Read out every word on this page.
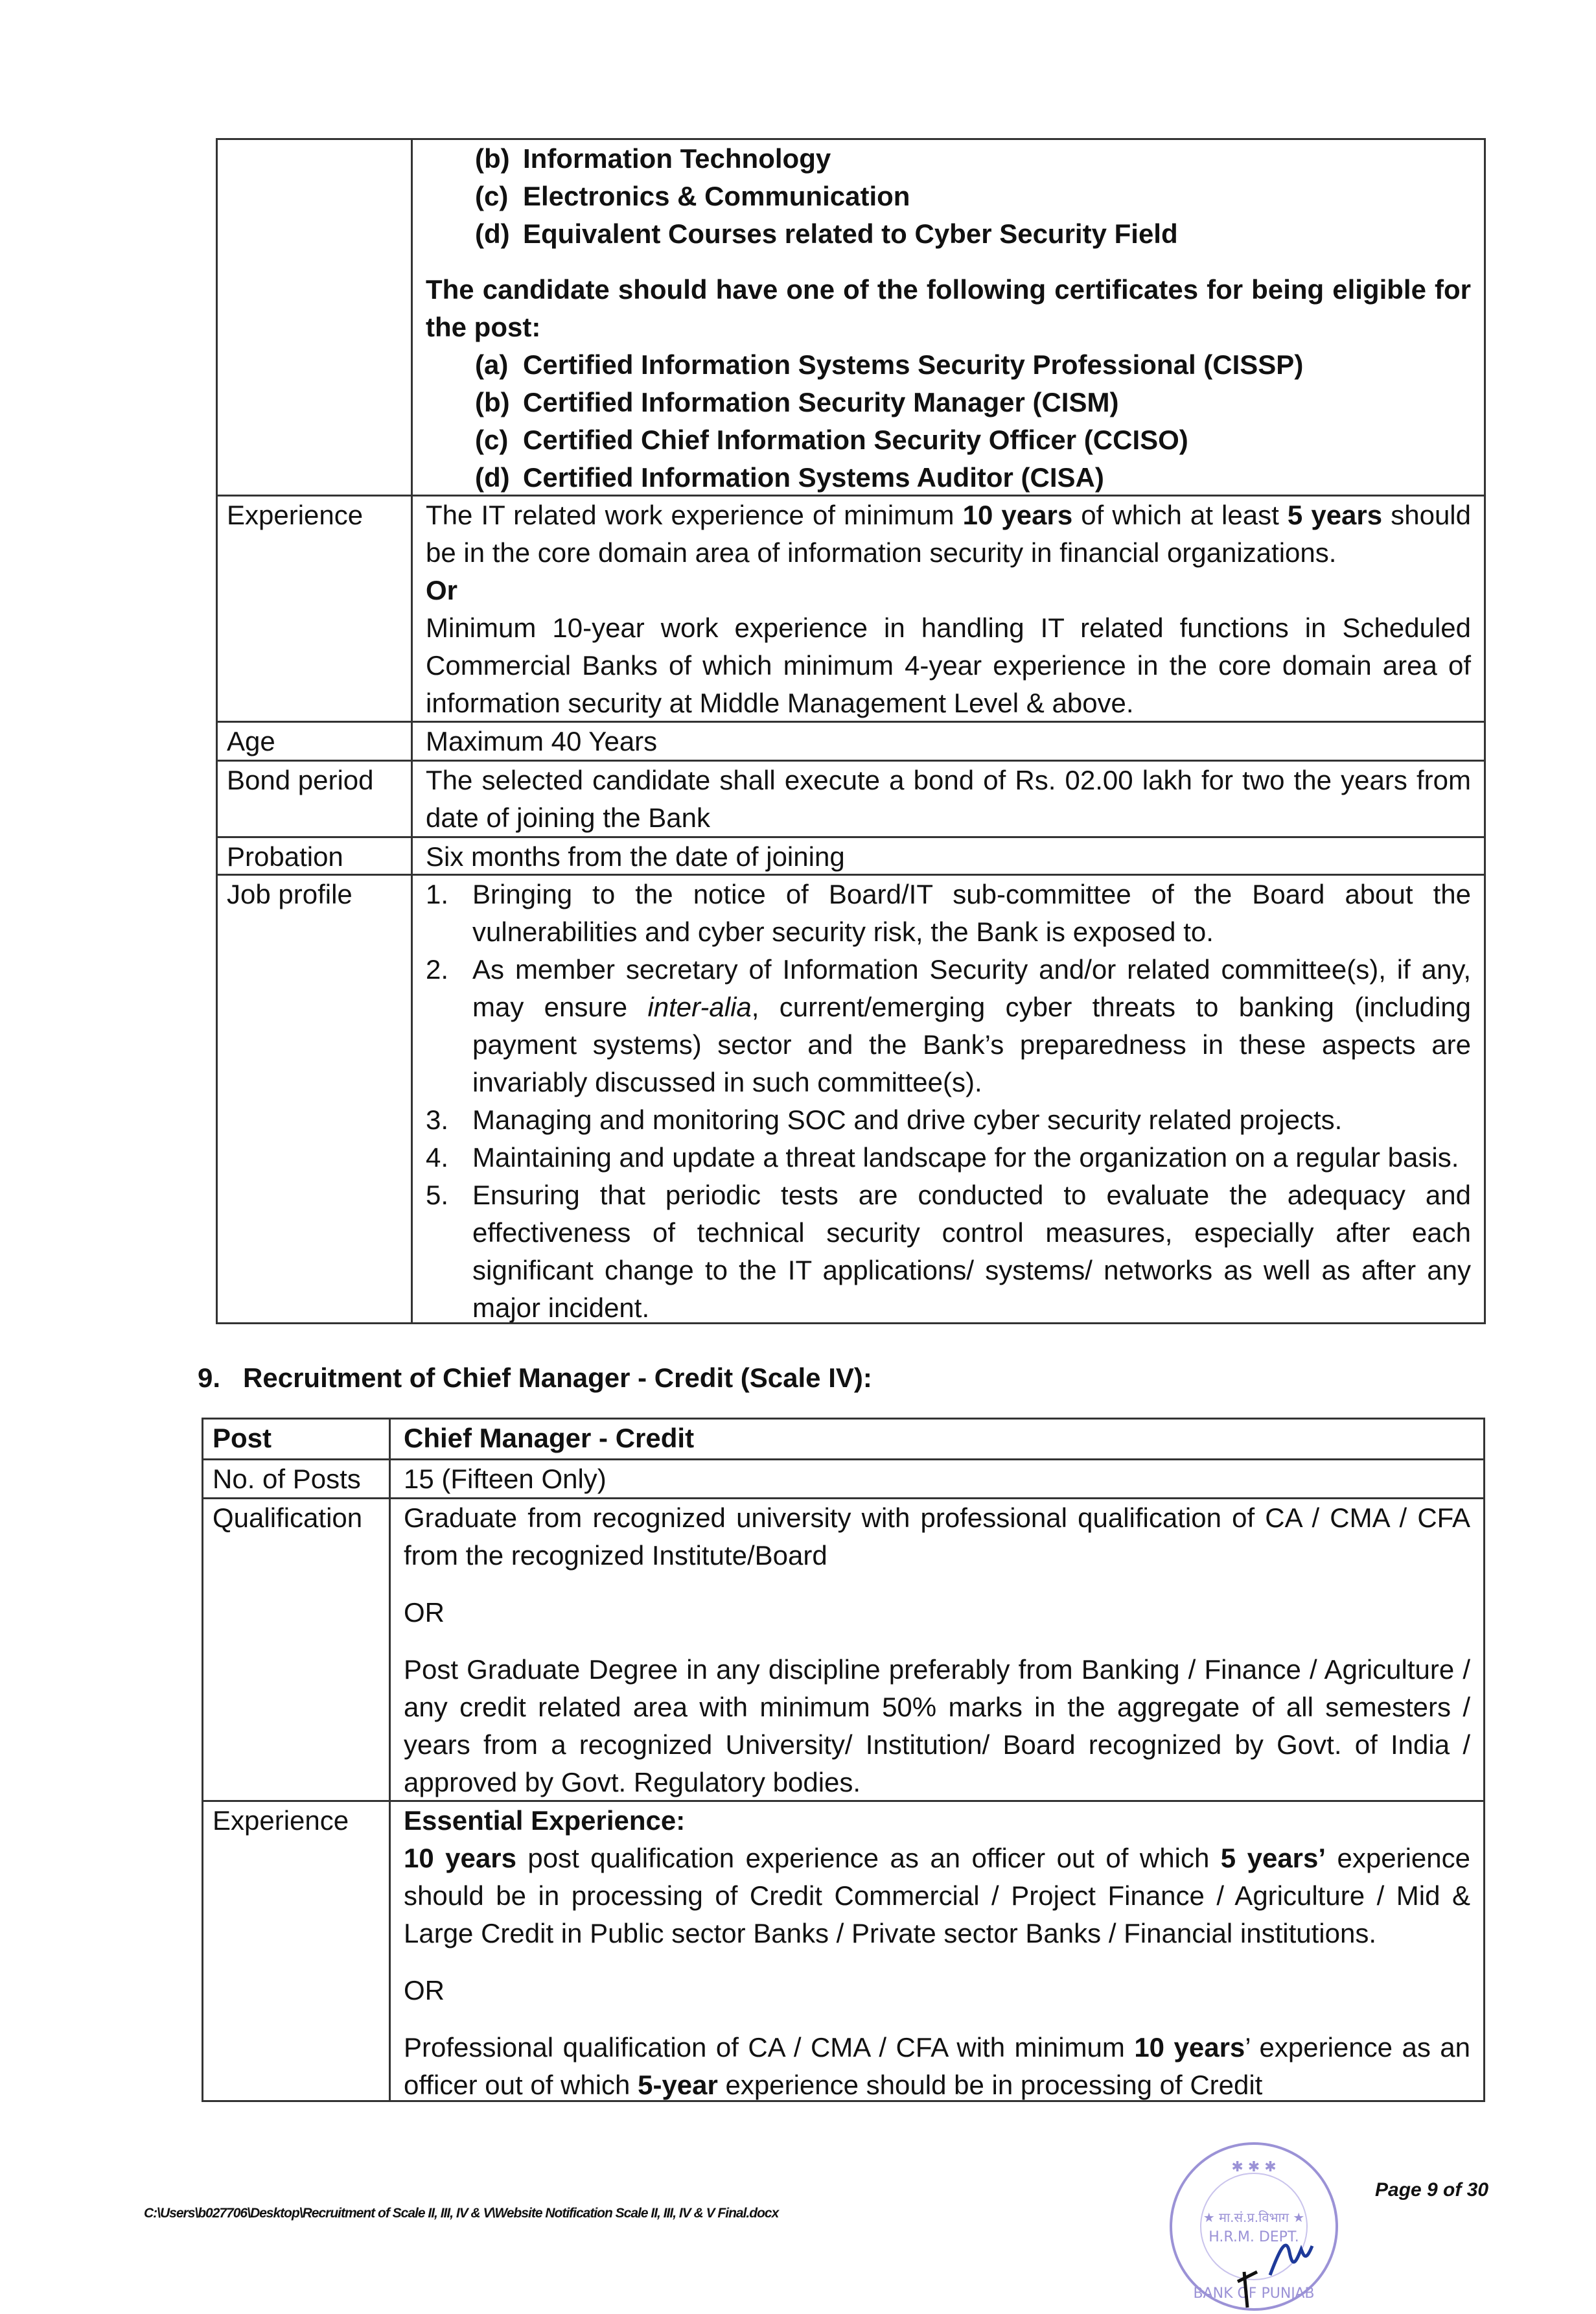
(b) Information Technology
(c) Electronics & Communication
(d) Equivalent Courses related to Cyber Security Field

The candidate should have one of the following certificates for being eligible for the post:

(a) Certified Information Systems Security Professional (CISSP)
(b) Certified Information Security Manager (CISM)
(c) Certified Chief Information Security Officer (CCISO)
(d) Certified Information Systems Auditor (CISA)
Experience	The IT related work experience of minimum 10 years of which at least 5 years should be in the core domain area of information security in financial organizations.

Or

Minimum 10-year work experience in handling IT related functions in Scheduled Commercial Banks of which minimum 4-year experience in the core domain area of information security at Middle Management Level & above.

Age	Maximum 40 Years
Bond period	The selected candidate shall execute a bond of Rs. 02.00 lakh for two the years from date of joining the Bank
Probation	Six months from the date of joining
Job profile	1. Bringing to the notice of Board/IT sub-committee of the Board about the vulnerabilities and cyber security risk, the Bank is exposed to.
2. As member secretary of Information Security and/or related committee(s), if any, may ensure inter-alia, current/emerging cyber threats to banking (including payment systems) sector and the Bank’s preparedness in these aspects are invariably discussed in such committee(s).
3. Managing and monitoring SOC and drive cyber security related projects.
4. Maintaining and update a threat landscape for the organization on a regular basis.
5. Ensuring that periodic tests are conducted to evaluate the adequacy and effectiveness of technical security control measures, especially after each significant change to the IT applications/ systems/ networks as well as after any major incident.
9.   Recruitment of Chief Manager - Credit (Scale IV):
Post	Chief Manager - Credit
No. of Posts	15 (Fifteen Only)
Qualification	Graduate from recognized university with professional qualification of CA / CMA / CFA from the recognized Institute/Board

OR

Post Graduate Degree in any discipline preferably from Banking / Finance / Agriculture / any credit related area with minimum 50% marks in the aggregate of all semesters / years from a recognized University/ Institution/ Board recognized by Govt. of India / approved by Govt. Regulatory bodies.

Experience	Essential Experience:

10 years post qualification experience as an officer out of which 5 years’ experience should be in processing of Credit Commercial / Project Finance / Agriculture / Mid & Large Credit in Public sector Banks / Private sector Banks / Financial institutions.

OR

Professional qualification of CA / CMA / CFA with minimum 10 years’ experience as an officer out of which 5-year experience should be in processing of Credit

C:\Users\b027706\Desktop\Recruitment of Scale II, III, IV & V\Website Notification Scale II, III, IV & V Final.docx
✱ ✱ ✱
★ मा.सं.प्र.विभाग ★
H.R.M. DEPT.
BANK OF PUNJAB
Page 9 of 30
